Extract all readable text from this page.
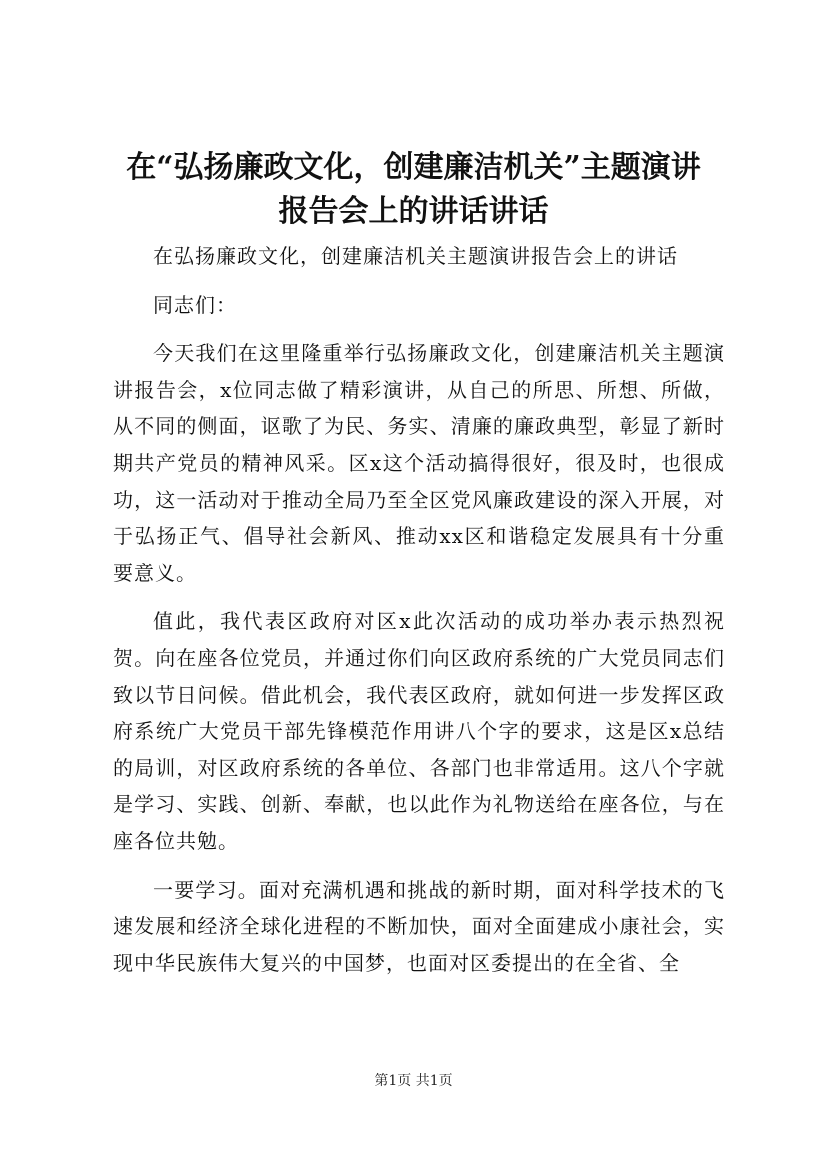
在“弘扬廉政文化，创建廉洁机关”主题演讲
报告会上的讲话讲话

在弘扬廉政文化，创建廉洁机关主题演讲报告会上的讲话

同志们：

今天我们在这里隆重举行弘扬廉政文化，创建廉洁机关主题演讲报告会，x位同志做了精彩演讲，从自己的所思、所想、所做，从不同的侧面，讴歌了为民、务实、清廉的廉政典型，彰显了新时期共产党员的精神风采。区x这个活动搞得很好，很及时，也很成功，这一活动对于推动全局乃至全区党风廉政建设的深入开展，对于弘扬正气、倡导社会新风、推动xx区和谐稳定发展具有十分重要意义。

值此，我代表区政府对区x此次活动的成功举办表示热烈祝贺。向在座各位党员，并通过你们向区政府系统的广大党员同志们致以节日问候。借此机会，我代表区政府，就如何进一步发挥区政府系统广大党员干部先锋模范作用讲八个字的要求，这是区x总结的局训，对区政府系统的各单位、各部门也非常适用。这八个字就是学习、实践、创新、奉献，也以此作为礼物送给在座各位，与在座各位共勉。

一要学习。面对充满机遇和挑战的新时期，面对科学技术的飞速发展和经济全球化进程的不断加快，面对全面建成小康社会，实现中华民族伟大复兴的中国梦，也面对区委提出的在全省、全

第1页 共1页
